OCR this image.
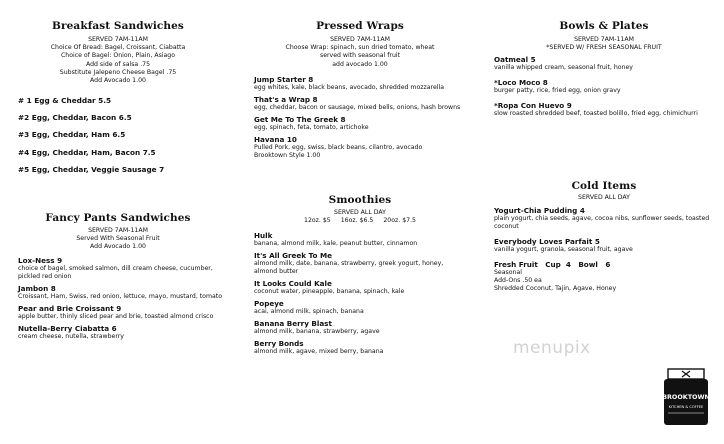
Breakfast Sandwiches
SERVED 7AM-11AM
Choice Of Bread: Bagel, Croissant, Ciabatta
Choice of Bagel: Onion, Plain, Asiago
Add side of salsa .75
Substitute Jalepeno Cheese Bagel .75
Add Avocado 1.00
# 1 Egg & Cheddar 5.5
#2 Egg, Cheddar, Bacon 6.5
#3 Egg, Cheddar, Ham 6.5
#4 Egg, Cheddar, Ham, Bacon 7.5
#5 Egg, Cheddar, Veggie Sausage 7
Fancy Pants Sandwiches
SERVED 7AM-11AM
Served With Seasonal Fruit
Add Avocado 1.00
Lox-Ness 9
choice of bagel, smoked salmon, dill cream cheese, cucumber, pickled red onion
Jambon 8
Croissant, Ham, Swiss, red onion, lettuce, mayo, mustard, tomato
Pear and Brie Croissant 9
apple butter, thinly sliced pear and brie, toasted almond crisco
Nutella-Berry Ciabatta 6
cream cheese, nutella, strawberry
Pressed Wraps
SERVED 7AM-11AM
Choose Wrap: spinach, sun dried tomato, wheat
served with seasonal fruit
add avocado 1.00
Jump Starter 8
egg whites, kale, black beans, avocado, shredded mozzarella
That's a Wrap 8
egg, cheddar, bacon or sausage, mixed bells, onions, hash browns
Get Me To The Greek 8
egg, spinach, feta, tomato, artichoke
Havana 10
Pulled Pork, egg, swiss, black beans, cilantro, avocado
Brooktown Style 1.00
Smoothies
SERVED ALL DAY
12oz. $5 16oz. $6.5 20oz. $7.5
Hulk
banana, almond milk, kale, peanut butter, cinnamon
It's All Greek To Me
almond milk, date, banana, strawberry, greek yogurt, honey, almond butter
It Looks Could Kale
coconut water, pineapple, banana, spinach, kale
Popeye
acai, almond milk, spinach, banana
Banana Berry Blast
almond milk, banana, strawberry, agave
Berry Bonds
almond milk, agave, mixed berry, banana
Bowls & Plates
SERVED 7AM-11AM
*SERVED W/ FRESH SEASONAL FRUIT
Oatmeal 5
vanilla whipped cream, seasonal fruit, honey
*Loco Moco 8
burger patty, rice, fried egg, onion gravy
*Ropa Con Huevo 9
slow roasted shredded beef, toasted bolillo, fried egg, chimichurri
Cold Items
SERVED ALL DAY
Yogurt-Chia Pudding 4
plain yogurt, chia seeds, agave, cocoa nibs, sunflower seeds, toasted coconut
Everybody Loves Parfait 5
vanilla yogurt, granola, seasonal fruit, agave
Fresh Fruit   Cup  4   Bowl   6
Seasonal
Add-Ons .50 ea
Shredded Coconut, Tajin, Agave, Honey
menupix
BROOKTOWN
KITCHEN & COFFEE
